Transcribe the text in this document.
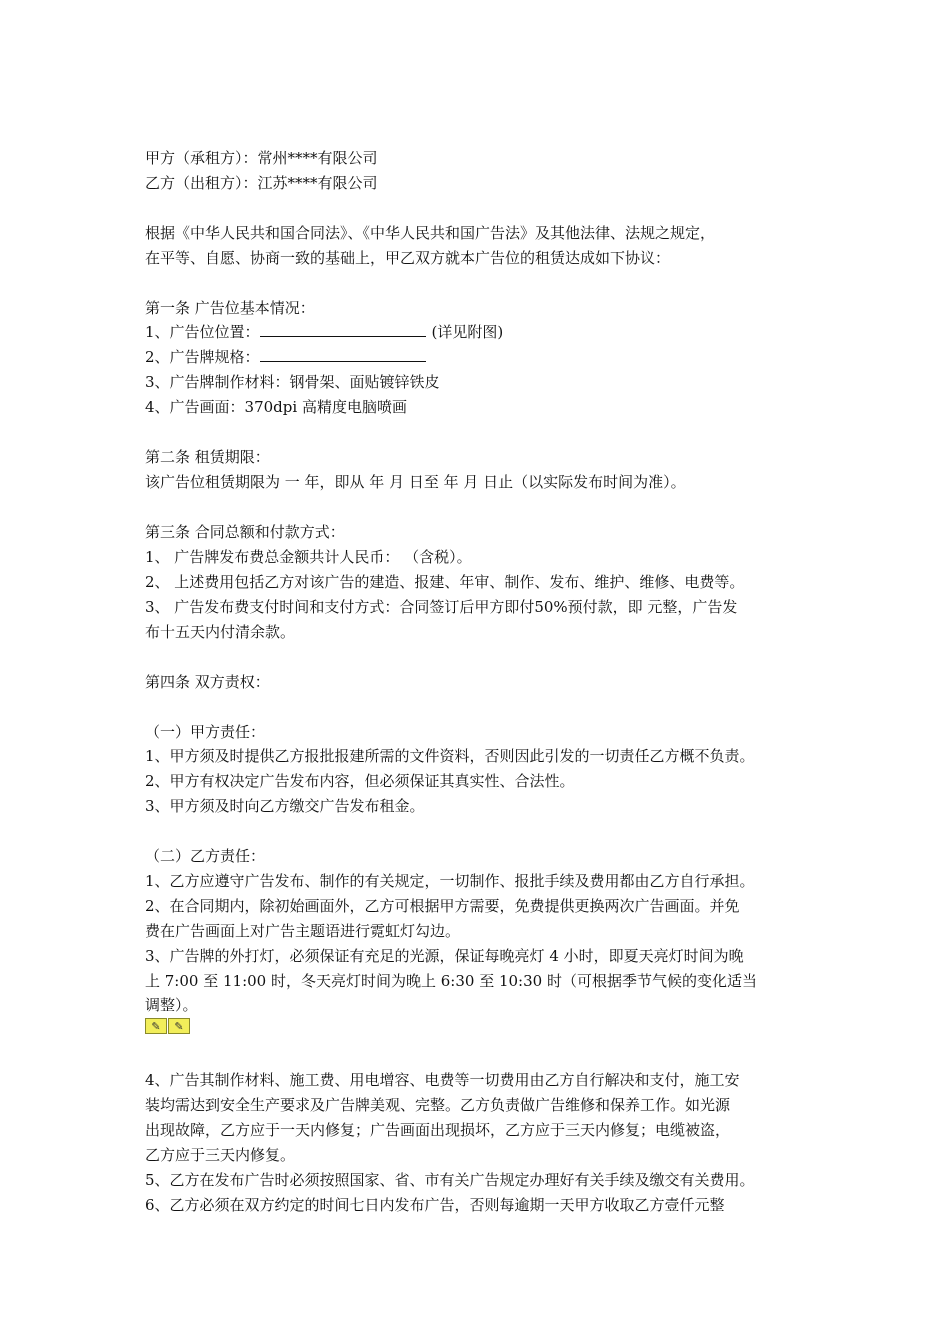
甲方（承租方）：常州****有限公司
乙方（出租方）：江苏****有限公司
根据《中华人民共和国合同法》、《中华人民共和国广告法》及其他法律、法规之规定，
在平等、自愿、协商一致的基础上，甲乙双方就本广告位的租赁达成如下协议：
第一条 广告位基本情况：
1、广告位位置：	(详见附图)
2、广告牌规格：
3、广告牌制作材料：钢骨架、面贴镀锌铁皮
4、广告画面：370dpi 高精度电脑喷画
第二条 租赁期限：
该广告位租赁期限为 一 年，即从 年 月 日至 年 月 日止（以实际发布时间为准）。
第三条 合同总额和付款方式：
1、 广告牌发布费总金额共计人民币： （含税）。
2、 上述费用包括乙方对该广告的建造、报建、年审、制作、发布、维护、维修、电费等。
3、 广告发布费支付时间和支付方式：合同签订后甲方即付50%预付款，即 元整，广告发
布十五天内付清余款。
第四条 双方责权：
（一）甲方责任：
1、甲方须及时提供乙方报批报建所需的文件资料，否则因此引发的一切责任乙方概不负责。
2、甲方有权决定广告发布内容，但必须保证其真实性、合法性。
3、甲方须及时向乙方缴交广告发布租金。
（二）乙方责任：
1、乙方应遵守广告发布、制作的有关规定，一切制作、报批手续及费用都由乙方自行承担。
2、在合同期内，除初始画面外，乙方可根据甲方需要，免费提供更换两次广告画面。并免
费在广告画面上对广告主题语进行霓虹灯勾边。
3、广告牌的外打灯，必须保证有充足的光源，保证每晚亮灯 4 小时，即夏天亮灯时间为晚
上 7:00 至 11:00 时，冬天亮灯时间为晚上 6:30 至 10:30 时（可根据季节气候的变化适当
调整）。
✎	✎
4、广告其制作材料、施工费、用电增容、电费等一切费用由乙方自行解决和支付，施工安
装均需达到安全生产要求及广告牌美观、完整。乙方负责做广告维修和保养工作。如光源
出现故障，乙方应于一天内修复；广告画面出现损坏，乙方应于三天内修复；电缆被盗，
乙方应于三天内修复。
5、乙方在发布广告时必须按照国家、省、市有关广告规定办理好有关手续及缴交有关费用。
6、乙方必须在双方约定的时间七日内发布广告，否则每逾期一天甲方收取乙方壹仟元整
